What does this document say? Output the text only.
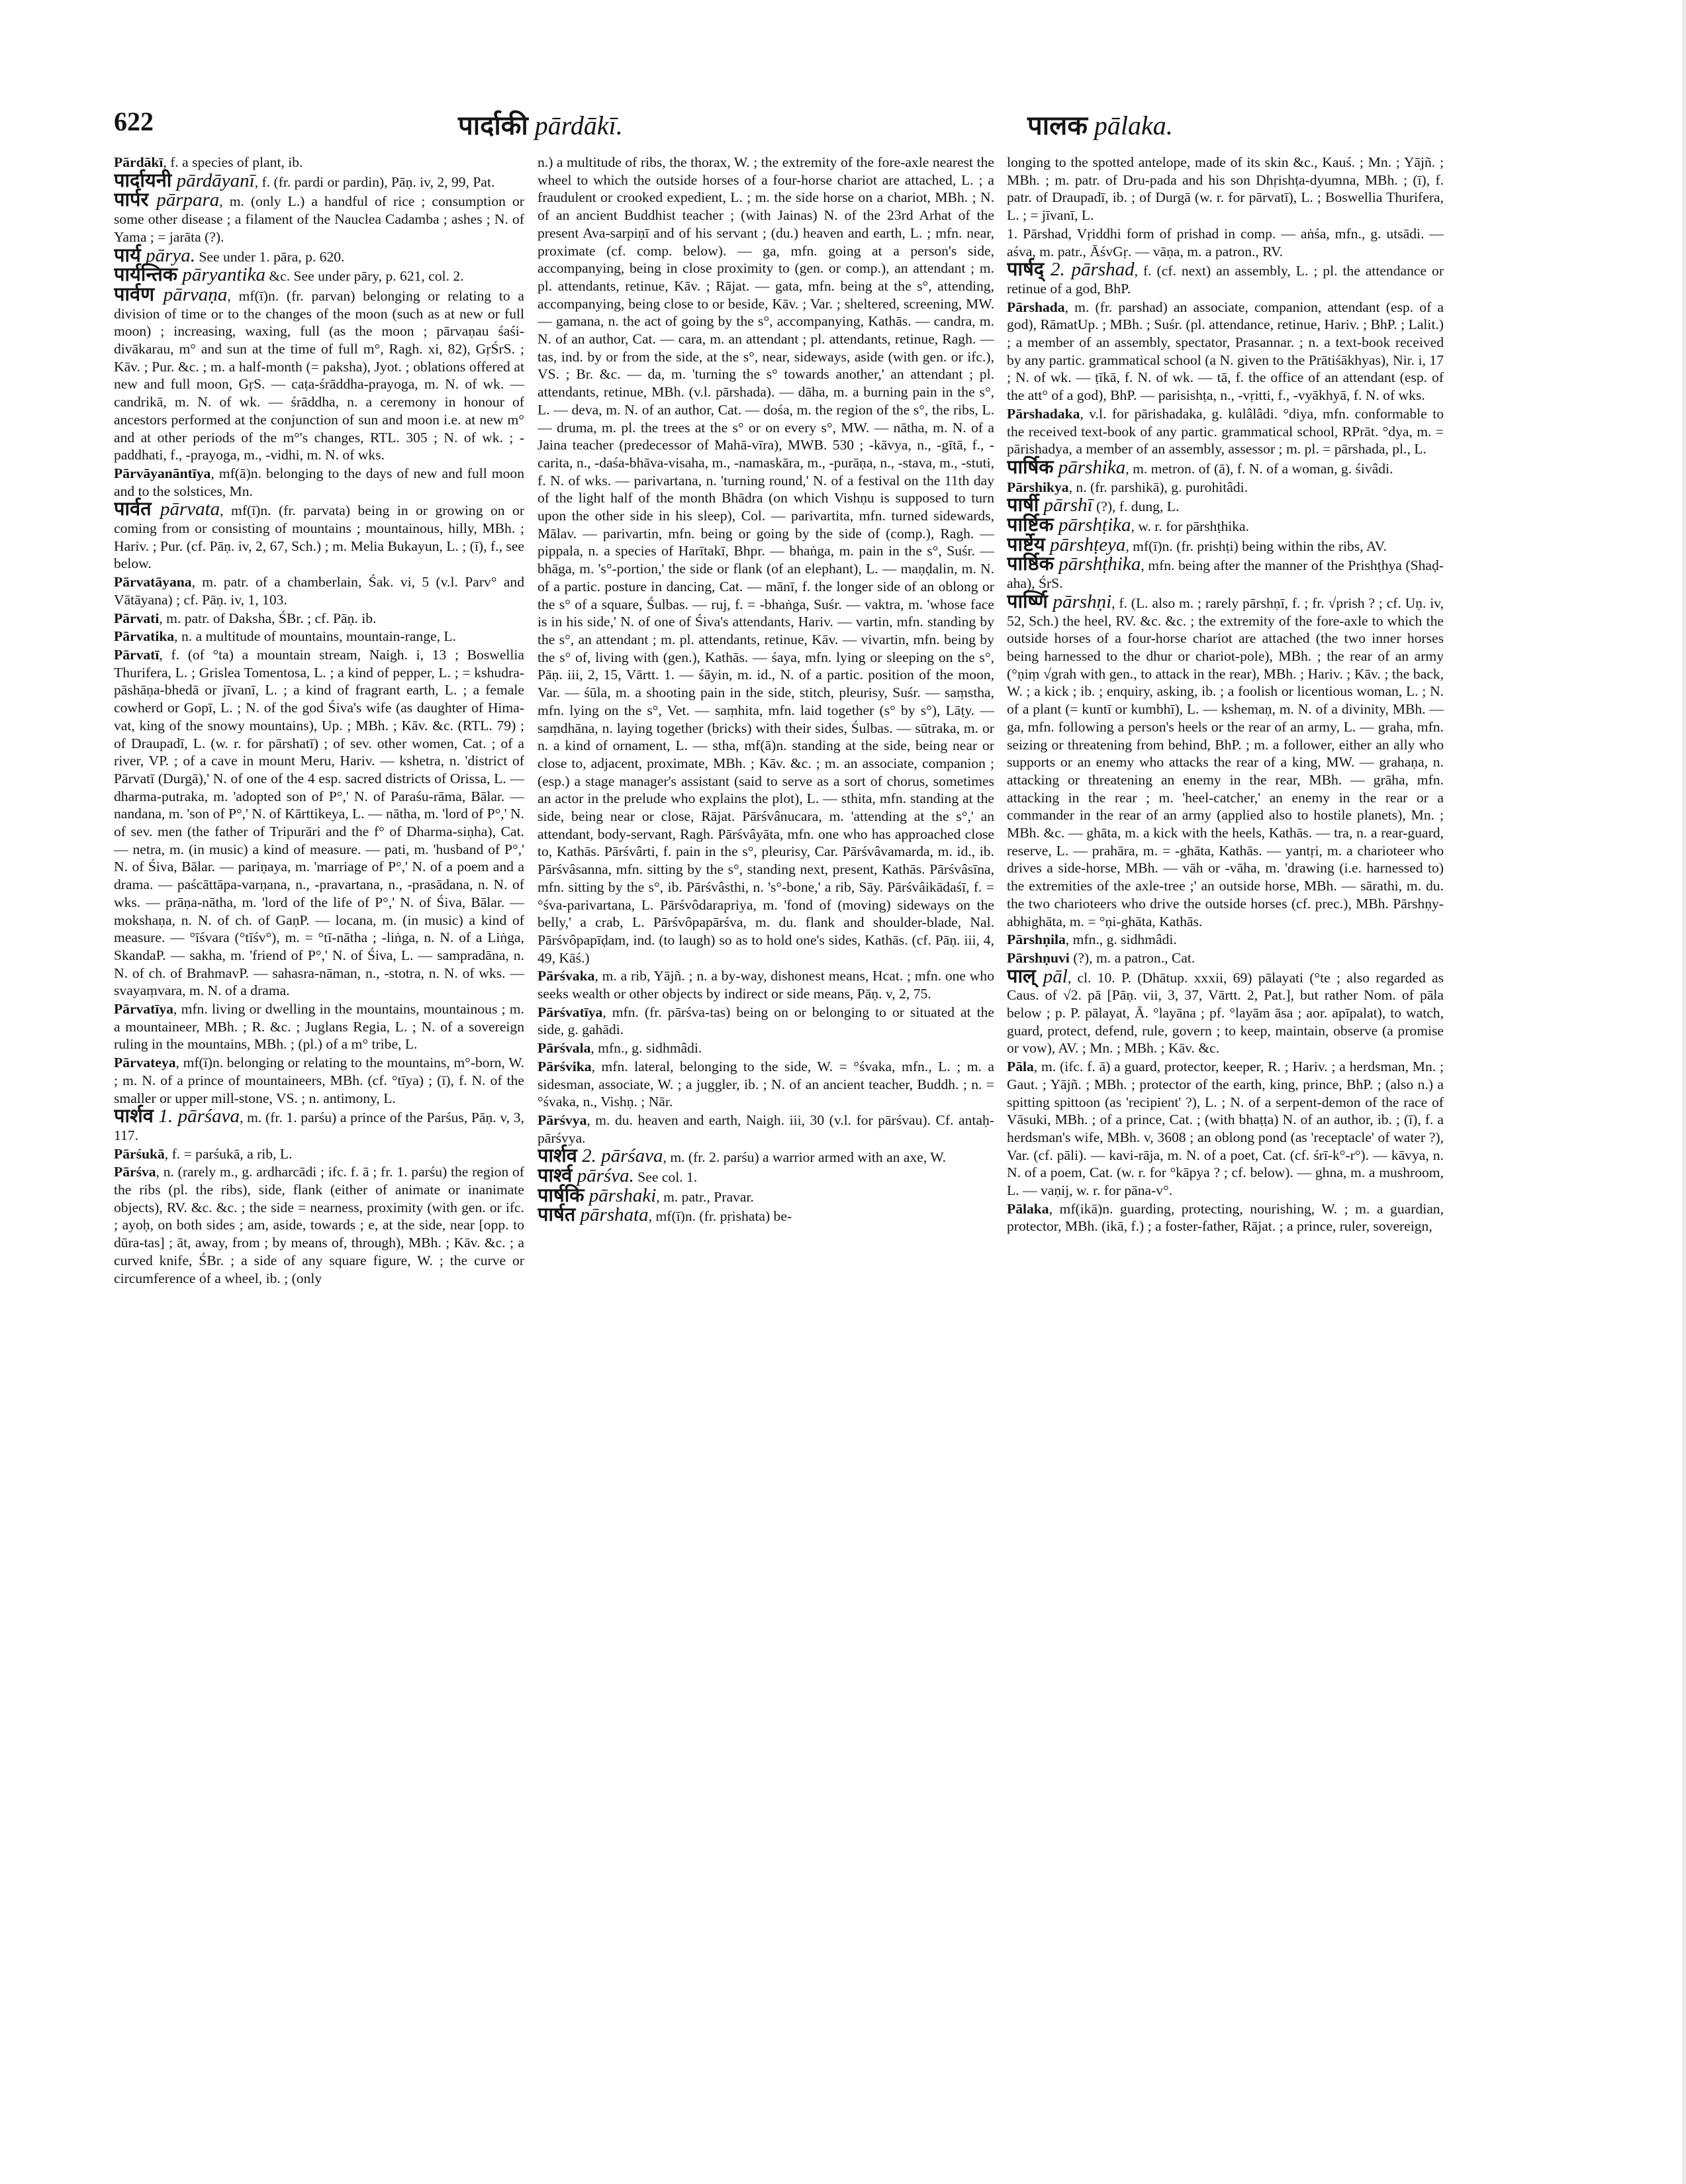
622	पार्दाकी pārdākī.	पालक pālaka.

Pārdākī, f. a species of plant, ib.

पार्दायनी pārdāyanī, f. (fr. pardi or pardin), Pāṇ. iv, 2, 99, Pat.

पार्पर pārpara, m. (only L.) a handful of rice ; consumption or some other disease ; a filament of the Nauclea Cadamba ; ashes ; N. of Yama ; = jarāta (?).

पार्य pārya. See under 1. pāra, p. 620.

पार्यन्तिक pāryantika &c. See under pāry, p. 621, col. 2.

पार्वण pārvaṇa, mf(ī)n. (fr. parvan) belonging or relating to a division of time or to the changes of the moon (such as at new or full moon) ; increasing, waxing, full (as the moon ; pārvaṇau śaśi-divākarau, m° and sun at the time of full m°, Ragh. xi, 82), GṛŚrS. ; Kāv. ; Pur. &c. ; m. a half-month (= paksha), Jyot. ; oblations offered at new and full moon, GṛS. — caṭa-śrāddha-prayoga, m. N. of wk. — candrikā, m. N. of wk. — śrāddha, n. a ceremony in honour of ancestors performed at the conjunction of sun and moon i.e. at new m° and at other periods of the m°'s changes, RTL. 305 ; N. of wk. ; -paddhati, f., -prayoga, m., -vidhi, m. N. of wks.

Pārvāyanāntīya, mf(ā)n. belonging to the days of new and full moon and to the solstices, Mn.

पार्वत pārvata, mf(ī)n. (fr. parvata) being in or growing on or coming from or consisting of mountains ; mountainous, hilly, MBh. ; Hariv. ; Pur. (cf. Pāṇ. iv, 2, 67, Sch.) ; m. Melia Bukayun, L. ; (ī), f., see below.

Pārvatāyana, m. patr. of a chamberlain, Śak. vi, 5 (v.l. Parv° and Vātāyana) ; cf. Pāṇ. iv, 1, 103.

Pārvati, m. patr. of Daksha, ŚBr. ; cf. Pāṇ. ib.

Pārvatika, n. a multitude of mountains, mountain-range, L.

Pārvatī, f. (of °ta) a mountain stream, Naigh. i, 13 ; Boswellia Thurifera, L. ; Grislea Tomentosa, L. ; a kind of pepper, L. ; = kshudra-pāshāṇa-bhedā or jīvanī, L. ; a kind of fragrant earth, L. ; a female cowherd or Gopī, L. ; N. of the god Śiva's wife (as daughter of Hima-vat, king of the snowy mountains), Up. ; MBh. ; Kāv. &c. (RTL. 79) ; of Draupadī, L. (w. r. for pārshatī) ; of sev. other women, Cat. ; of a river, VP. ; of a cave in mount Meru, Hariv. — kshetra, n. 'district of Pārvatī (Durgā),' N. of one of the 4 esp. sacred districts of Orissa, L. — dharma-putraka, m. 'adopted son of P°,' N. of Paraśu-rāma, Bālar. — nandana, m. 'son of P°,' N. of Kārttikeya, L. — nātha, m. 'lord of P°,' N. of sev. men (the father of Tripurāri and the f° of Dharma-siṇha), Cat. — netra, m. (in music) a kind of measure. — pati, m. 'husband of P°,' N. of Śiva, Bālar. — pariṇaya, m. 'marriage of P°,' N. of a poem and a drama. — paścāttāpa-varṇana, n., -pravartana, n., -prasādana, n. N. of wks. — prāṇa-nātha, m. 'lord of the life of P°,' N. of Śiva, Bālar. — mokshaṇa, n. N. of ch. of GaṇP. — locana, m. (in music) a kind of measure. — °īśvara (°tīśv°), m. = °tī-nātha ; -liṅga, n. N. of a Liṅga, SkandaP. — sakha, m. 'friend of P°,' N. of Śiva, L. — sampradāna, n. N. of ch. of BrahmavP. — sahasra-nāman, n., -stotra, n. N. of wks. — svayaṃvara, m. N. of a drama.

Pārvatīya, mfn. living or dwelling in the mountains, mountainous ; m. a mountaineer, MBh. ; R. &c. ; Juglans Regia, L. ; N. of a sovereign ruling in the mountains, MBh. ; (pl.) of a m° tribe, L.

Pārvateya, mf(ī)n. belonging or relating to the mountains, m°-born, W. ; m. N. of a prince of mountaineers, MBh. (cf. °tīya) ; (ī), f. N. of the smaller or upper mill-stone, VS. ; n. antimony, L.

पार्शव 1. pārśava, m. (fr. 1. parśu) a prince of the Parśus, Pāṇ. v, 3, 117.

Pārśukā, f. = parśukā, a rib, L.

Pārśva, n. (rarely m., g. ardharcādi ; ifc. f. ā ; fr. 1. parśu) the region of the ribs (pl. the ribs), side, flank (either of animate or inanimate objects), RV. &c. &c. ; the side = nearness, proximity (with gen. or ifc. ; ayoḥ, on both sides ; am, aside, towards ; e, at the side, near [opp. to dūra-tas] ; āt, away, from ; by means of, through), MBh. ; Kāv. &c. ; a curved knife, ŚBr. ; a side of any square figure, W. ; the curve or circumference of a wheel, ib. ; (only

n.) a multitude of ribs, the thorax, W. ; the extremity of the fore-axle nearest the wheel to which the outside horses of a four-horse chariot are attached, L. ; a fraudulent or crooked expedient, L. ; m. the side horse on a chariot, MBh. ; N. of an ancient Buddhist teacher ; (with Jainas) N. of the 23rd Arhat of the present Ava-sarpiṇī and of his servant ; (du.) heaven and earth, L. ; mfn. near, proximate (cf. comp. below). — ga, mfn. going at a person's side, accompanying, being in close proximity to (gen. or comp.), an attendant ; m. pl. attendants, retinue, Kāv. ; Rājat. — gata, mfn. being at the s°, attending, accompanying, being close to or beside, Kāv. ; Var. ; sheltered, screening, MW. — gamana, n. the act of going by the s°, accompanying, Kathās. — candra, m. N. of an author, Cat. — cara, m. an attendant ; pl. attendants, retinue, Ragh. — tas, ind. by or from the side, at the s°, near, sideways, aside (with gen. or ifc.), VS. ; Br. &c. — da, m. 'turning the s° towards another,' an attendant ; pl. attendants, retinue, MBh. (v.l. pārshada). — dāha, m. a burning pain in the s°, L. — deva, m. N. of an author, Cat. — dośa, m. the region of the s°, the ribs, L. — druma, m. pl. the trees at the s° or on every s°, MW. — nātha, m. N. of a Jaina teacher (predecessor of Mahā-vīra), MWB. 530 ; -kāvya, n., -gītā, f., -carita, n., -daśa-bhāva-visaha, m., -namaskāra, m., -purāṇa, n., -stava, m., -stuti, f. N. of wks. — parivartana, n. 'turning round,' N. of a festival on the 11th day of the light half of the month Bhādra (on which Vishṇu is supposed to turn upon the other side in his sleep), Col. — parivartita, mfn. turned sidewards, Mālav. — parivartin, mfn. being or going by the side of (comp.), Ragh. — pippala, n. a species of Harītakī, Bhpr. — bhaṅga, m. pain in the s°, Suśr. — bhāga, m. 's°-portion,' the side or flank (of an elephant), L. — maṇḍalin, m. N. of a partic. posture in dancing, Cat. — mānī, f. the longer side of an oblong or the s° of a square, Śulbas. — ruj, f. = -bhaṅga, Suśr. — vaktra, m. 'whose face is in his side,' N. of one of Śiva's attendants, Hariv. — vartin, mfn. standing by the s°, an attendant ; m. pl. attendants, retinue, Kāv. — vivartin, mfn. being by the s° of, living with (gen.), Kathās. — śaya, mfn. lying or sleeping on the s°, Pāṇ. iii, 2, 15, Vārtt. 1. — śāyin, m. id., N. of a partic. position of the moon, Var. — śūla, m. a shooting pain in the side, stitch, pleurisy, Suśr. — saṃstha, mfn. lying on the s°, Vet. — saṃhita, mfn. laid together (s° by s°), Lāṭy. — saṃdhāna, n. laying together (bricks) with their sides, Śulbas. — sūtraka, m. or n. a kind of ornament, L. — stha, mf(ā)n. standing at the side, being near or close to, adjacent, proximate, MBh. ; Kāv. &c. ; m. an associate, companion ; (esp.) a stage manager's assistant (said to serve as a sort of chorus, sometimes an actor in the prelude who explains the plot), L. — sthita, mfn. standing at the side, being near or close, Rājat. Pārśvânucara, m. 'attending at the s°,' an attendant, body-servant, Ragh. Pārśvâyāta, mfn. one who has approached close to, Kathās. Pārśvârti, f. pain in the s°, pleurisy, Car. Pārśvâvamarda, m. id., ib. Pārśvâsanna, mfn. sitting by the s°, standing next, present, Kathās. Pārśvâsīna, mfn. sitting by the s°, ib. Pārśvâsthi, n. 's°-bone,' a rib, Sāy. Pārśvâikādaśī, f. = °śva-parivartana, L. Pārśvôdarapriya, m. 'fond of (moving) sideways on the belly,' a crab, L. Pārśvôpapārśva, m. du. flank and shoulder-blade, Nal. Pārśvôpapīḍam, ind. (to laugh) so as to hold one's sides, Kathās. (cf. Pāṇ. iii, 4, 49, Kāś.)

Pārśvaka, m. a rib, Yājñ. ; n. a by-way, dishonest means, Hcat. ; mfn. one who seeks wealth or other objects by indirect or side means, Pāṇ. v, 2, 75.

Pārśvatīya, mfn. (fr. pārśva-tas) being on or belonging to or situated at the side, g. gahādi.

Pārśvala, mfn., g. sidhmâdi.

Pārśvika, mfn. lateral, belonging to the side, W. = °śvaka, mfn., L. ; m. a sidesman, associate, W. ; a juggler, ib. ; N. of an ancient teacher, Buddh. ; n. = °śvaka, n., Vishṇ. ; Nār.

Pārśvya, m. du. heaven and earth, Naigh. iii, 30 (v.l. for pārśvau). Cf. antaḥ-pārśvya.

पार्शव 2. pārśava, m. (fr. 2. parśu) a warrior armed with an axe, W.

पार्श्व pārśva. See col. 1.

पार्षकि pārshaki, m. patr., Pravar.

पार्षत pārshata, mf(ī)n. (fr. pṛishata) be-

longing to the spotted antelope, made of its skin &c., Kauś. ; Mn. ; Yājñ. ; MBh. ; m. patr. of Dru-pada and his son Dhṛishṭa-dyumna, MBh. ; (ī), f. patr. of Draupadī, ib. ; of Durgā (w. r. for pārvatī), L. ; Boswellia Thurifera, L. ; = jīvanī, L.

1. Pārshad, Vṛiddhi form of prishad in comp. — aṅśa, mfn., g. utsādi. — aśva, m. patr., ĀśvGṛ. — vāṇa, m. a patron., RV.

पार्षद् 2. pārshad, f. (cf. next) an assembly, L. ; pl. the attendance or retinue of a god, BhP.

Pārshada, m. (fr. parshad) an associate, companion, attendant (esp. of a god), RāmatUp. ; MBh. ; Suśr. (pl. attendance, retinue, Hariv. ; BhP. ; Lalit.) ; a member of an assembly, spectator, Prasannar. ; n. a text-book received by any partic. grammatical school (a N. given to the Prātiśākhyas), Nir. i, 17 ; N. of wk. — ṭīkā, f. N. of wk. — tā, f. the office of an attendant (esp. of the att° of a god), BhP. — parisishṭa, n., -vṛitti, f., -vyākhyā, f. N. of wks.

Pārshadaka, v.l. for pārishadaka, g. kulâlâdi. °diya, mfn. conformable to the received text-book of any partic. grammatical school, RPrāt. °dya, m. = pārishadya, a member of an assembly, assessor ; m. pl. = pārshada, pl., L.

पार्षिक pārshika, m. metron. of (ā), f. N. of a woman, g. śivâdi.

Pārshikya, n. (fr. parshikā), g. purohitâdi.

पार्षी pārshī (?), f. dung, L.

पार्ष्टिक pārshṭika, w. r. for pārshṭhika.

पार्ष्टेय pārshṭeya, mf(ī)n. (fr. prishṭi) being within the ribs, AV.

पार्ष्ठिक pārshṭhika, mfn. being after the manner of the Prishṭhya (Shaḍ-aha), ŚrS.

पार्ष्णि pārshṇi, f. (L. also m. ; rarely pārshṇī, f. ; fr. √prish ? ; cf. Uṇ. iv, 52, Sch.) the heel, RV. &c. &c. ; the extremity of the fore-axle to which the outside horses of a four-horse chariot are attached (the two inner horses being harnessed to the dhur or chariot-pole), MBh. ; the rear of an army (°ṇiṃ √grah with gen., to attack in the rear), MBh. ; Hariv. ; Kāv. ; the back, W. ; a kick ; ib. ; enquiry, asking, ib. ; a foolish or licentious woman, L. ; N. of a plant (= kuntī or kumbhī), L. — kshemaṇ, m. N. of a divinity, MBh. — ga, mfn. following a person's heels or the rear of an army, L. — graha, mfn. seizing or threatening from behind, BhP. ; m. a follower, either an ally who supports or an enemy who attacks the rear of a king, MW. — grahaṇa, n. attacking or threatening an enemy in the rear, MBh. — grāha, mfn. attacking in the rear ; m. 'heel-catcher,' an enemy in the rear or a commander in the rear of an army (applied also to hostile planets), Mn. ; MBh. &c. — ghāta, m. a kick with the heels, Kathās. — tra, n. a rear-guard, reserve, L. — prahāra, m. = -ghāta, Kathās. — yantṛi, m. a charioteer who drives a side-horse, MBh. — vāh or -vāha, m. 'drawing (i.e. harnessed to) the extremities of the axle-tree ;' an outside horse, MBh. — sārathi, m. du. the two charioteers who drive the outside horses (cf. prec.), MBh. Pārshṇy-abhighāta, m. = °ṇi-ghāta, Kathās.

Pārshṇila, mfn., g. sidhmâdi.

Pārshṇuvi (?), m. a patron., Cat.

पाल् pāl, cl. 10. P. (Dhātup. xxxii, 69) pālayati (°te ; also regarded as Caus. of √2. pā [Pāṇ. vii, 3, 37, Vārtt. 2, Pat.], but rather Nom. of pāla below ; p. P. pālayat, Ā. °layāna ; pf. °layām āsa ; aor. apīpalat), to watch, guard, protect, defend, rule, govern ; to keep, maintain, observe (a promise or vow), AV. ; Mn. ; MBh. ; Kāv. &c.

Pāla, m. (ifc. f. ā) a guard, protector, keeper, R. ; Hariv. ; a herdsman, Mn. ; Gaut. ; Yājñ. ; MBh. ; protector of the earth, king, prince, BhP. ; (also n.) a spitting spittoon (as 'recipient' ?), L. ; N. of a serpent-demon of the race of Vāsuki, MBh. ; of a prince, Cat. ; (with bhaṭṭa) N. of an author, ib. ; (ī), f. a herdsman's wife, MBh. v, 3608 ; an oblong pond (as 'receptacle' of water ?), Var. (cf. pāli). — kavi-rāja, m. N. of a poet, Cat. (cf. śrī-k°-r°). — kāvya, n. N. of a poem, Cat. (w. r. for °kāpya ? ; cf. below). — ghna, m. a mushroom, L. — vaṇij, w. r. for pāna-v°.

Pālaka, mf(ikā)n. guarding, protecting, nourishing, W. ; m. a guardian, protector, MBh. (ikā, f.) ; a foster-father, Rājat. ; a prince, ruler, sovereign,
